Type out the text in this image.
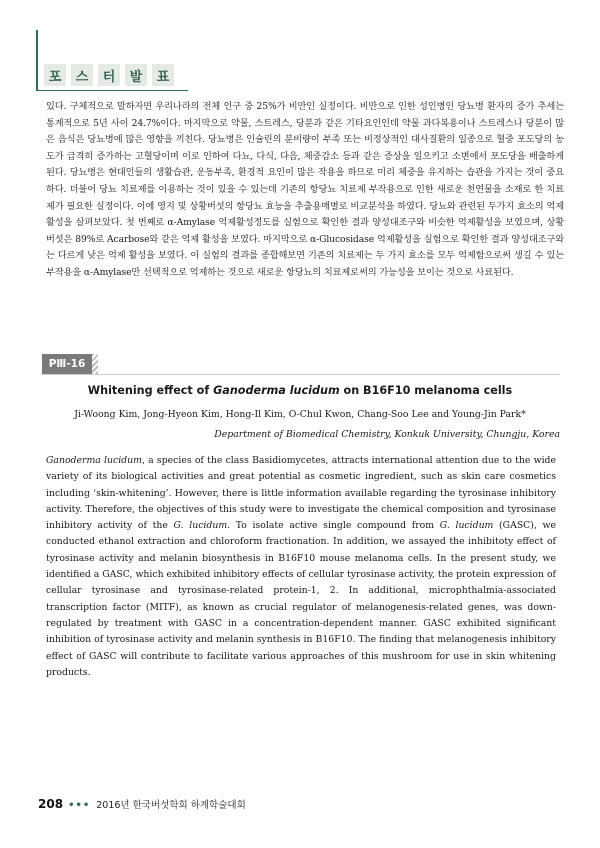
포	스	터	발	표
있다. 구체적으로 말하자면 우리나라의 전체 인구 중 25%가 비만인 실정이다. 비만으로 인한 성인병인 당뇨병 환자의 증가 추세는 통계적으로 5년 사이 24.7%이다. 마지막으로 약물, 스트레스, 당분과 같은 기타요인인데 약물 과다복용이나 스트레스나 당분이 많은 음식은 당뇨병에 많은 영향을 끼친다. 당뇨병은 인슐린의 분비량이 부족 또는 비정상적인 대사질환의 일종으로 혈중 포도당의 농도가 급격히 증가하는 고혈당이며 이로 인하여 다뇨, 다식, 다음, 체중감소 등과 같은 증상을 일으키고 소변에서 포도당을 배출하게 된다. 당뇨병은 현대인들의 생활습관, 운동부족, 환경적 요인이 많은 작용을 하므로 미리 체중을 유지하는 습관을 가지는 것이 중요하다. 더불어 당뇨 치료제를 이용하는 것이 있을 수 있는데 기존의 항당뇨 치료제 부작용으로 인한 새로운 천연물을 소재로 한 치료제가 필요한 실정이다. 이에 영지 및 상황버섯의 항당뇨 효능을 추출용매별로 비교분석을 하였다. 당뇨와 관련된 두가지 효소의 억제활성을 살펴보았다. 첫 번째로 α-Amylase 억제활성정도를 실험으로 확인한 결과 양성대조구와 비슷한 억제활성을 보였으며, 상황버섯은 89%로 Acarbose와 같은 억제 활성을 보였다. 마지막으로 α-Glucosidase 억제활성을 실험으로 확인한 결과 양성대조구와는 다르게 낮은 억제 활성을 보였다. 이 실험의 결과를 종합해보면 기존의 치료제는 두 가지 효소를 모두 억제함으로써 생길 수 있는 부작용을 α-Amylase만 선택적으로 억제하는 것으로 새로운 항당뇨의 치료제로써의 가능성을 보이는 것으로 사료된다.
PⅢ-16
Whitening effect of Ganoderma lucidum on B16F10 melanoma cells
Ji-Woong Kim, Jong-Hyeon Kim, Hong-Il Kim, O-Chul Kwon, Chang-Soo Lee and Young-Jin Park*
Department of Biomedical Chemistry, Konkuk University, Chungju, Korea
Ganoderma lucidum, a species of the class Basidiomycetes, attracts international attention due to the wide variety of its biological activities and great potential as cosmetic ingredient, such as skin care cosmetics including ‘skin-whitening’. However, there is little information available regarding the tyrosinase inhibitory activity. Therefore, the objectives of this study were to investigate the chemical composition and tyrosinase inhibitory activity of the G. lucidum. To isolate active single compound from G. lucidum (GASC), we conducted ethanol extraction and chloroform fractionation. In addition, we assayed the inhibitoty effect of tyrosinase activity and melanin biosynthesis in B16F10 mouse melanoma cells. In the present study, we identified a GASC, which exhibited inhibitory effects of cellular tyrosinase activity, the protein expression of cellular tyrosinase and tyrosinase-related protein-1, 2. In additional, microphthalmia-associated transcription factor (MITF), as known as crucial regulator of melanogenesis-related genes, was down-regulated by treatment with GASC in a concentration-dependent manner. GASC exhibited significant inhibition of tyrosinase activity and melanin synthesis in B16F10. The finding that melanogenesis inhibitory effect of GASC will contribute to facilitate various approaches of this mushroom for use in skin whitening products.
208 ••• 2016년 한국버섯학회 하계학술대회
